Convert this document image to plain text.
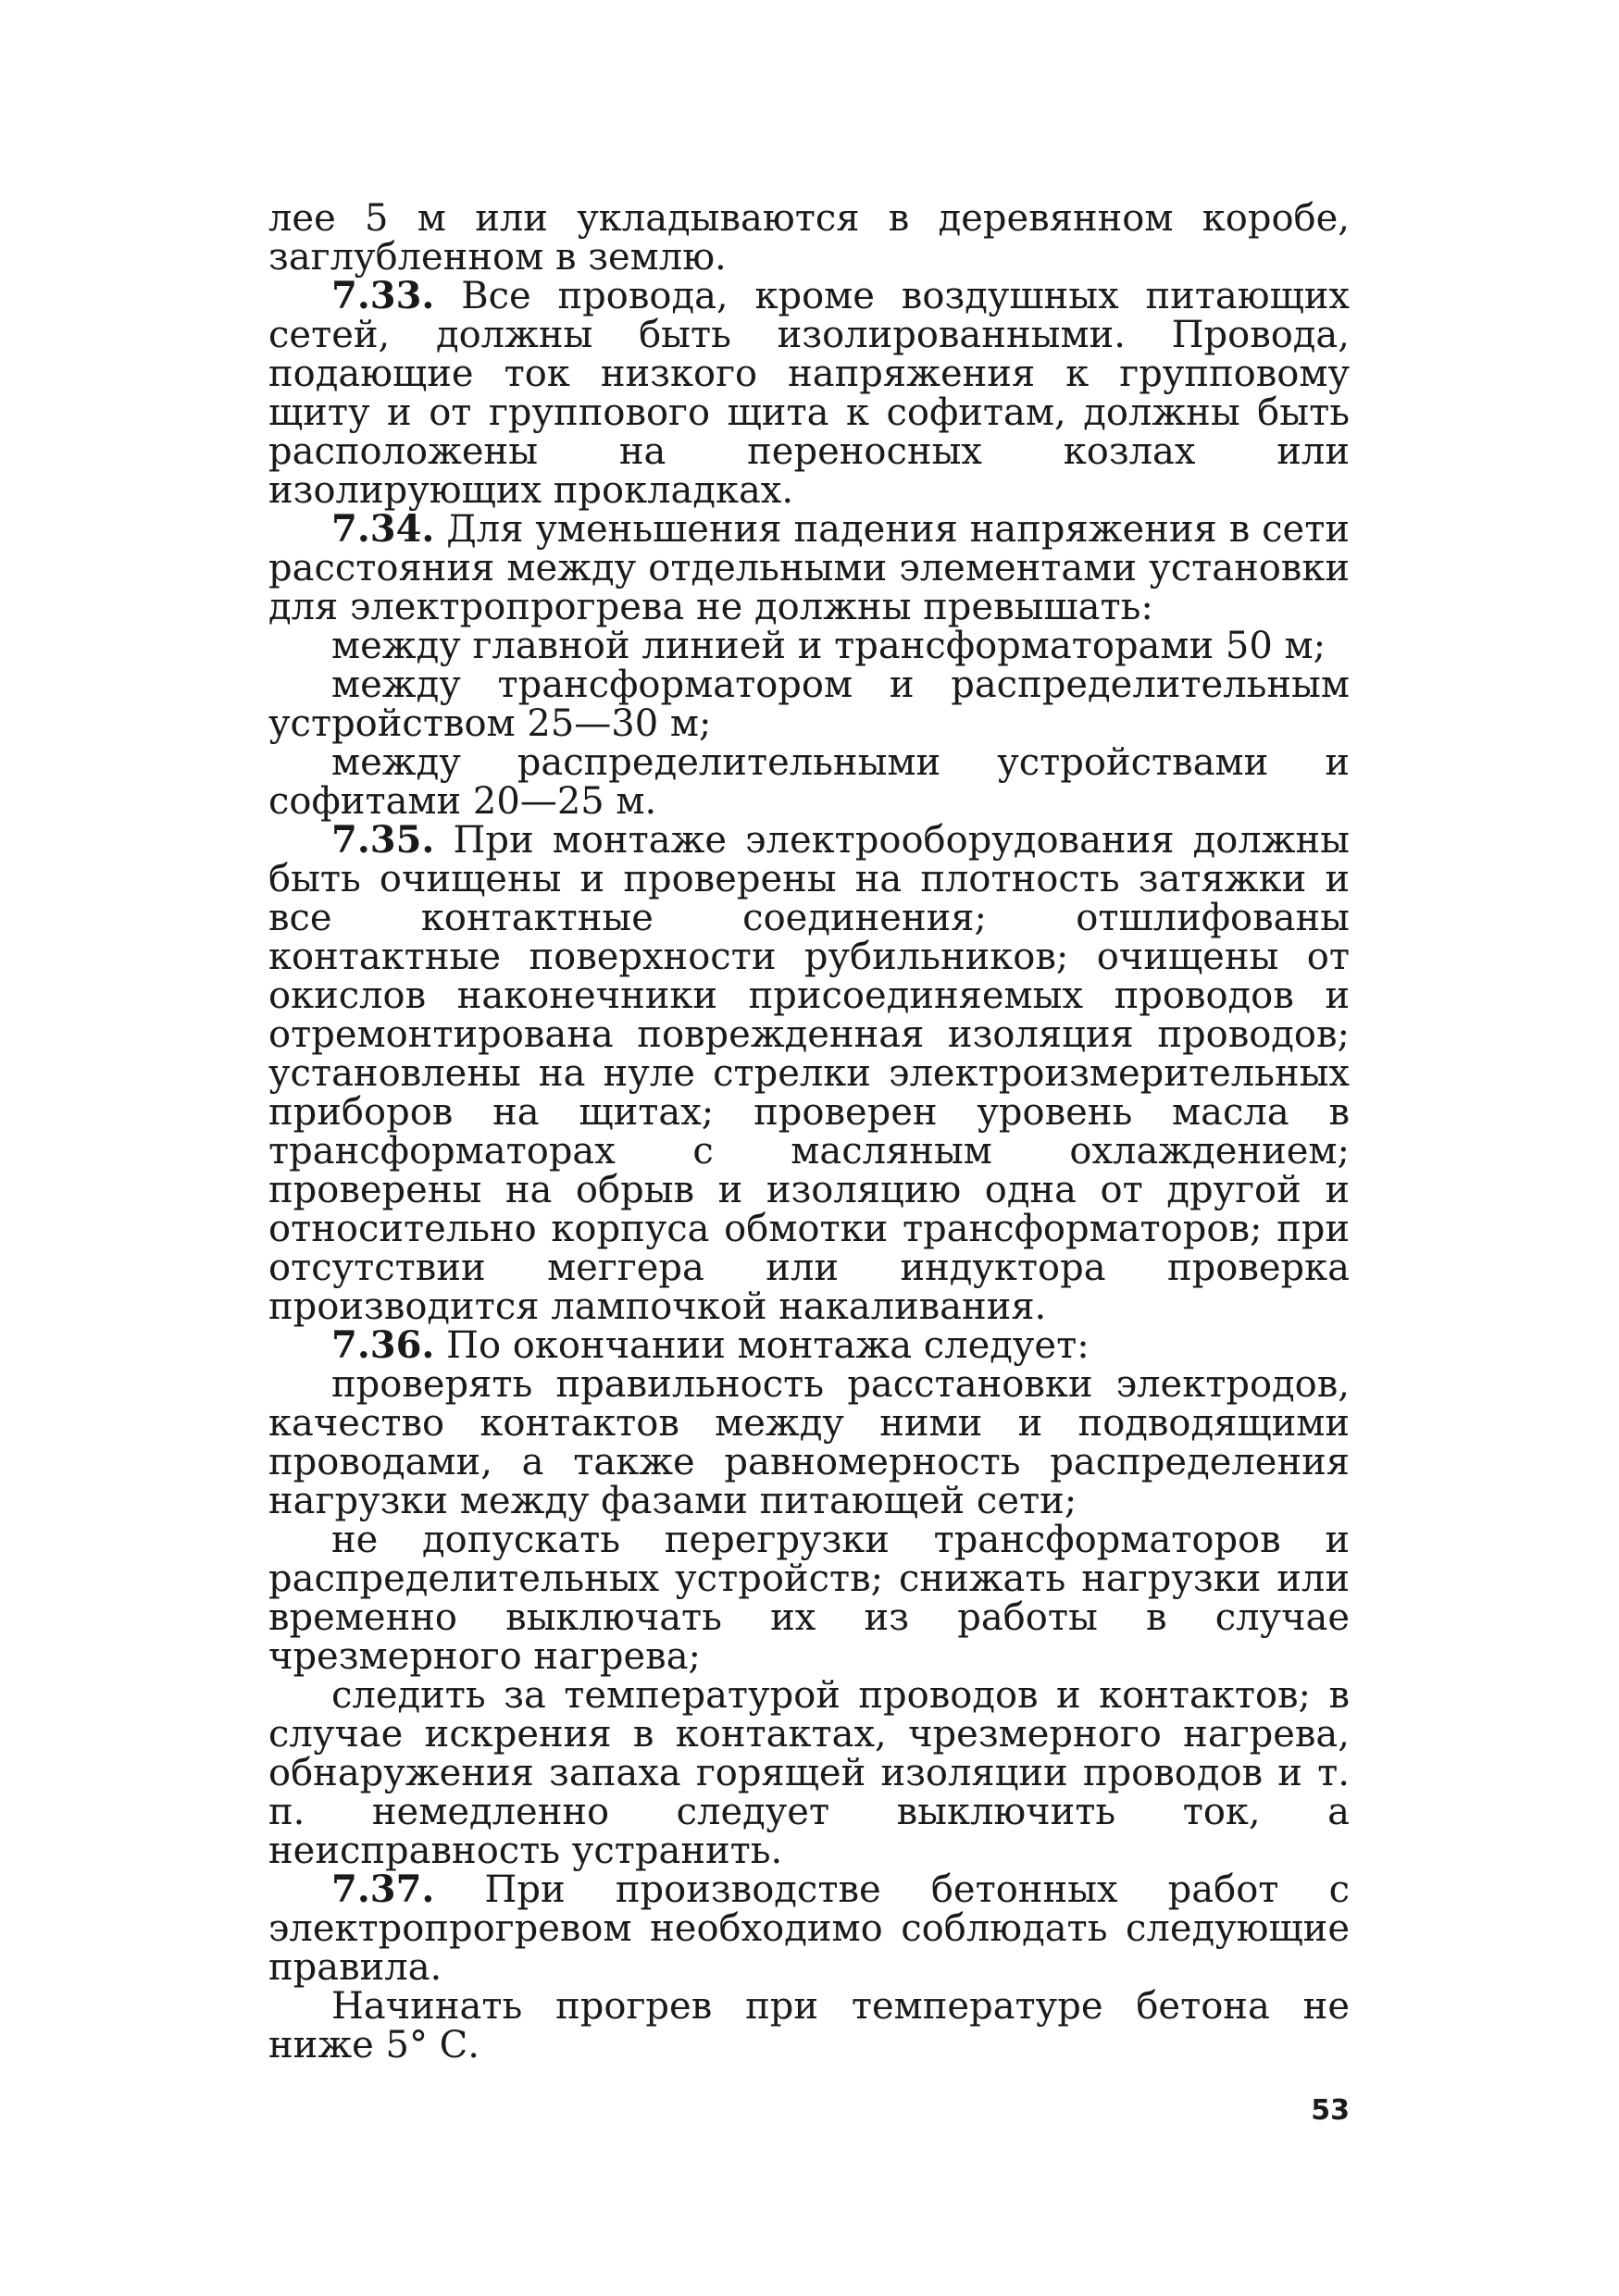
лее 5 м или укладываются в деревянном коробе, заглубленном в землю.

7.33. Все провода, кроме воздушных питающих сетей, должны быть изолированными. Провода, подающие ток низкого напряжения к групповому щиту и от группового щита к софитам, должны быть расположены на переносных козлах или изолирующих прокладках.

7.34. Для уменьшения падения напряжения в сети расстояния между отдельными элементами установки для электропрогрева не должны превышать:

между главной линией и трансформаторами 50 м;

между трансформатором и распределительным устройством 25—30 м;

между распределительными устройствами и софитами 20—25 м.

7.35. При монтаже электрооборудования должны быть очищены и проверены на плотность затяжки и все контактные соединения; отшлифованы контактные поверхности рубильников; очищены от окислов наконечники присоединяемых проводов и отремонтирована поврежденная изоляция проводов; установлены на нуле стрелки электроизмерительных приборов на щитах; проверен уровень масла в трансформаторах с масляным охлаждением; проверены на обрыв и изоляцию одна от другой и относительно корпуса обмотки трансформаторов; при отсутствии меггера или индуктора проверка производится лампочкой накаливания.

7.36. По окончании монтажа следует:

проверять правильность расстановки электродов, качество контактов между ними и подводящими проводами, а также равномерность распределения нагрузки между фазами питающей сети;

не допускать перегрузки трансформаторов и распределительных устройств; снижать нагрузки или временно выключать их из работы в случае чрезмерного нагрева;

следить за температурой проводов и контактов; в случае искрения в контактах, чрезмерного нагрева, обнаружения запаха горящей изоляции проводов и т. п. немедленно следует выключить ток, а неисправность устранить.

7.37. При производстве бетонных работ с электропрогревом необходимо соблюдать следующие правила.

Начинать прогрев при температуре бетона не ниже 5° С.

53
